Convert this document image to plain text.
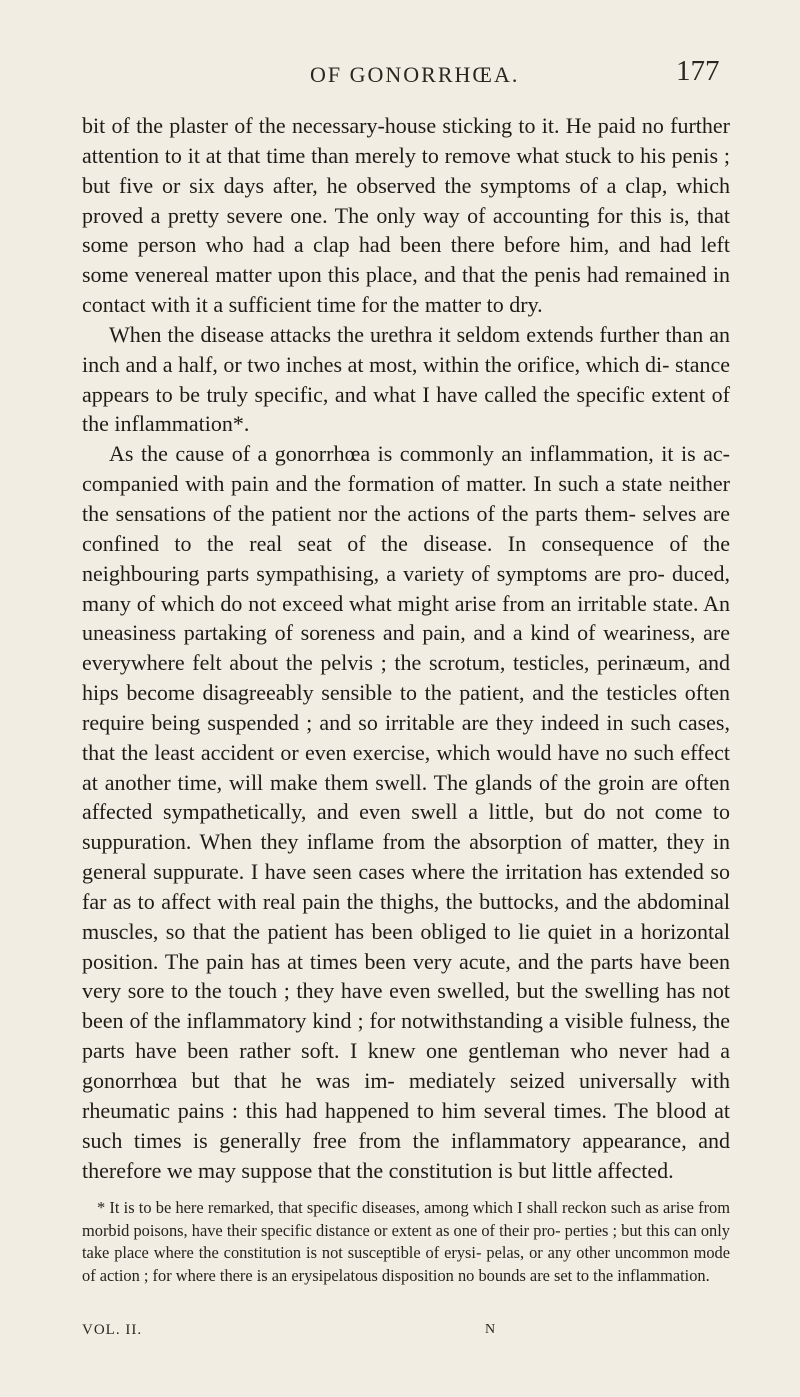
OF GONORRHŒA.	177

bit of the plaster of the necessary-house sticking to it. He paid no further attention to it at that time than merely to remove what stuck to his penis ; but five or six days after, he observed the symptoms of a clap, which proved a pretty severe one. The only way of accounting for this is, that some person who had a clap had been there before him, and had left some venereal matter upon this place, and that the penis had remained in contact with it a sufficient time for the matter to dry.

When the disease attacks the urethra it seldom extends further than an inch and a half, or two inches at most, within the orifice, which di- stance appears to be truly specific, and what I have called the specific extent of the inflammation*.

As the cause of a gonorrhœa is commonly an inflammation, it is ac- companied with pain and the formation of matter. In such a state neither the sensations of the patient nor the actions of the parts them- selves are confined to the real seat of the disease. In consequence of the neighbouring parts sympathising, a variety of symptoms are pro- duced, many of which do not exceed what might arise from an irritable state. An uneasiness partaking of soreness and pain, and a kind of weariness, are everywhere felt about the pelvis ; the scrotum, testicles, perinæum, and hips become disagreeably sensible to the patient, and the testicles often require being suspended ; and so irritable are they indeed in such cases, that the least accident or even exercise, which would have no such effect at another time, will make them swell. The glands of the groin are often affected sympathetically, and even swell a little, but do not come to suppuration. When they inflame from the absorption of matter, they in general suppurate. I have seen cases where the irritation has extended so far as to affect with real pain the thighs, the buttocks, and the abdominal muscles, so that the patient has been obliged to lie quiet in a horizontal position. The pain has at times been very acute, and the parts have been very sore to the touch ; they have even swelled, but the swelling has not been of the inflammatory kind ; for notwithstanding a visible fulness, the parts have been rather soft. I knew one gentleman who never had a gonorrhœa but that he was im- mediately seized universally with rheumatic pains : this had happened to him several times. The blood at such times is generally free from the inflammatory appearance, and therefore we may suppose that the constitution is but little affected.

* It is to be here remarked, that specific diseases, among which I shall reckon such as arise from morbid poisons, have their specific distance or extent as one of their pro- perties ; but this can only take place where the constitution is not susceptible of erysi- pelas, or any other uncommon mode of action ; for where there is an erysipelatous disposition no bounds are set to the inflammation.

VOL. II.	N
